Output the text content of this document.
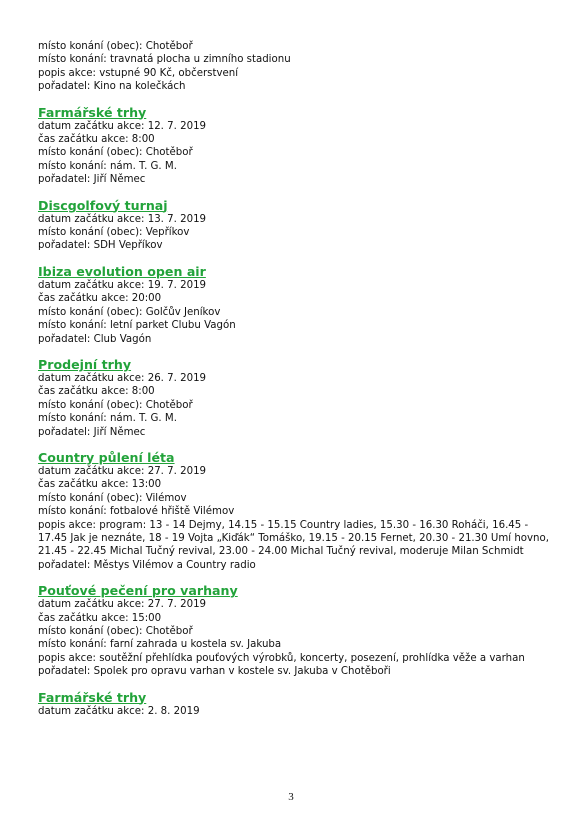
místo konání (obec): Chotěboř
místo konání: travnatá plocha u zimního stadionu
popis akce: vstupné 90 Kč, občerstvení
pořadatel: Kino na kolečkách
Farmářské trhy
datum začátku akce: 12. 7. 2019
čas začátku akce: 8:00
místo konání (obec): Chotěboř
místo konání: nám. T. G. M.
pořadatel: Jiří Němec
Discgolfový turnaj
datum začátku akce: 13. 7. 2019
místo konání (obec): Vepříkov
pořadatel: SDH Vepříkov
Ibiza evolution open air
datum začátku akce: 19. 7. 2019
čas začátku akce: 20:00
místo konání (obec): Golčův Jeníkov
místo konání: letní parket Clubu Vagón
pořadatel: Club Vagón
Prodejní trhy
datum začátku akce: 26. 7. 2019
čas začátku akce: 8:00
místo konání (obec): Chotěboř
místo konání: nám. T. G. M.
pořadatel: Jiří Němec
Country půlení léta
datum začátku akce: 27. 7. 2019
čas začátku akce: 13:00
místo konání (obec): Vilémov
místo konání: fotbalové hřiště Vilémov
popis akce: program: 13 - 14 Dejmy, 14.15 - 15.15 Country ladies, 15.30 - 16.30 Roháči, 16.45 - 17.45 Jak je neznáte, 18 - 19 Vojta „Kiďák“ Tomáško, 19.15 - 20.15 Fernet, 20.30 - 21.30 Umí hovno, 21.45 - 22.45 Michal Tučný revival, 23.00 - 24.00 Michal Tučný revival, moderuje Milan Schmidt
pořadatel: Městys Vilémov a Country radio
Pouťové pečení pro varhany
datum začátku akce: 27. 7. 2019
čas začátku akce: 15:00
místo konání (obec): Chotěboř
místo konání: farní zahrada u kostela sv. Jakuba
popis akce: soutěžní přehlídka pouťových výrobků, koncerty, posezení, prohlídka věže a varhan
pořadatel: Spolek pro opravu varhan v kostele sv. Jakuba v Chotěboři
Farmářské trhy
datum začátku akce: 2. 8. 2019
3
